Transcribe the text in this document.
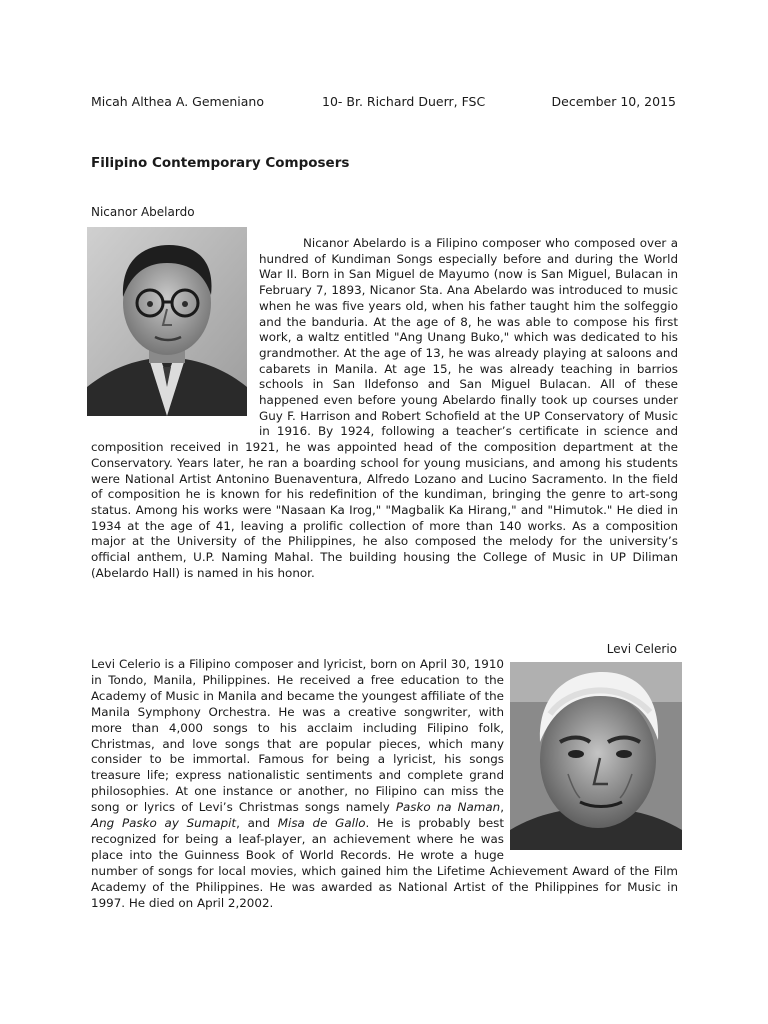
Micah Althea A. Gemeniano	10- Br. Richard Duerr, FSC	December 10, 2015
Filipino Contemporary Composers
Nicanor Abelardo

Nicanor Abelardo is a Filipino composer who composed over a hundred of Kundiman Songs especially before and during the World War II. Born in San Miguel de Mayumo (now is San Miguel, Bulacan in February 7, 1893, Nicanor Sta. Ana Abelardo was introduced to music when he was five years old, when his father taught him the solfeggio and the banduria. At the age of 8, he was able to compose his first work, a waltz entitled "Ang Unang Buko," which was dedicated to his grandmother. At the age of 13, he was already playing at saloons and cabarets in Manila. At age 15, he was already teaching in barrios schools in San Ildefonso and San Miguel Bulacan. All of these happened even before young Abelardo finally took up courses under Guy F. Harrison and Robert Schofield at the UP Conservatory of Music in 1916. By 1924, following a teacher’s certificate in science and composition received in 1921, he was appointed head of the composition department at the Conservatory. Years later, he ran a boarding school for young musicians, and among his students were National Artist Antonino Buenaventura, Alfredo Lozano and Lucino Sacramento. In the field of composition he is known for his redefinition of the kundiman, bringing the genre to art-song status. Among his works were "Nasaan Ka Irog," "Magbalik Ka Hirang," and "Himutok." He died in 1934 at the age of 41, leaving a prolific collection of more than 140 works. As a composition major at the University of the Philippines, he also composed the melody for the university’s official anthem, U.P. Naming Mahal. The building housing the College of Music in UP Diliman (Abelardo Hall) is named in his honor.

Levi Celerio

Levi Celerio is a Filipino composer and lyricist, born on April 30, 1910 in Tondo, Manila, Philippines. He received a free education to the Academy of Music in Manila and became the youngest affiliate of the Manila Symphony Orchestra. He was a creative songwriter, with more than 4,000 songs to his acclaim including Filipino folk, Christmas, and love songs that are popular pieces, which many consider to be immortal. Famous for being a lyricist, his songs treasure life; express nationalistic sentiments and complete grand philosophies. At one instance or another, no Filipino can miss the song or lyrics of Levi’s Christmas songs namely Pasko na Naman, Ang Pasko ay Sumapit, and Misa de Gallo. He is probably best recognized for being a leaf-player, an achievement where he was place into the Guinness Book of World Records. He wrote a huge number of songs for local movies, which gained him the Lifetime Achievement Award of the Film Academy of the Philippines. He was awarded as National Artist of the Philippines for Music in 1997. He died on April 2,2002.
